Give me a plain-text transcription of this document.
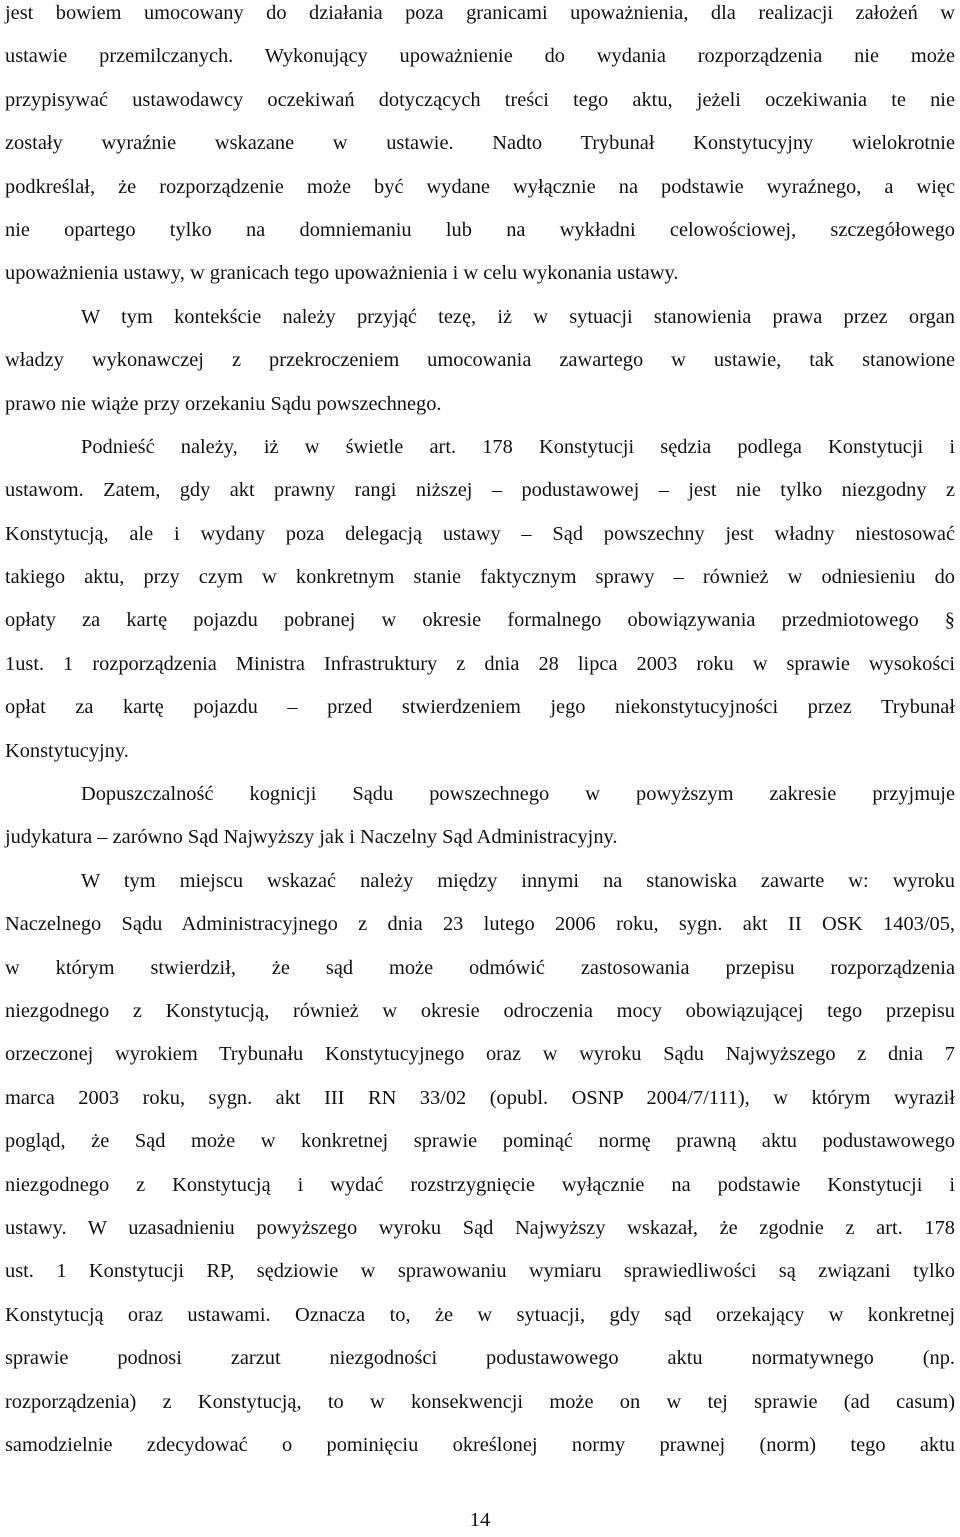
jest bowiem umocowany do działania poza granicami upoważnienia, dla realizacji założeń w
ustawie przemilczanych. Wykonujący upoważnienie do wydania rozporządzenia nie może
przypisywać ustawodawcy oczekiwań dotyczących treści tego aktu, jeżeli oczekiwania te nie
zostały wyraźnie wskazane w ustawie. Nadto Trybunał Konstytucyjny wielokrotnie
podkreślał, że rozporządzenie może być wydane wyłącznie na podstawie wyraźnego, a więc
nie opartego tylko na domniemaniu lub na wykładni celowościowej, szczegółowego
upoważnienia ustawy, w granicach tego upoważnienia i w celu wykonania ustawy.
W tym kontekście należy przyjąć tezę, iż w sytuacji stanowienia prawa przez organ
władzy wykonawczej z przekroczeniem umocowania zawartego w ustawie, tak stanowione
prawo nie wiąże przy orzekaniu Sądu powszechnego.
Podnieść należy, iż w świetle art. 178 Konstytucji sędzia podlega Konstytucji i
ustawom. Zatem, gdy akt prawny rangi niższej – podustawowej – jest nie tylko niezgodny z
Konstytucją, ale i wydany poza delegacją ustawy – Sąd powszechny jest władny niestosować
takiego aktu, przy czym w konkretnym stanie faktycznym sprawy – również w odniesieniu do
opłaty za kartę pojazdu pobranej w okresie formalnego obowiązywania przedmiotowego §
1ust. 1 rozporządzenia Ministra Infrastruktury z dnia 28 lipca 2003 roku w sprawie wysokości
opłat za kartę pojazdu – przed stwierdzeniem jego niekonstytucyjności przez Trybunał
Konstytucyjny.
Dopuszczalność kognicji Sądu powszechnego w powyższym zakresie przyjmuje
judykatura – zarówno Sąd Najwyższy jak i Naczelny Sąd Administracyjny.
W tym miejscu wskazać należy między innymi na stanowiska zawarte w: wyroku
Naczelnego Sądu Administracyjnego z dnia 23 lutego 2006 roku, sygn. akt II OSK 1403/05,
w którym stwierdził, że sąd może odmówić zastosowania przepisu rozporządzenia
niezgodnego z Konstytucją, również w okresie odroczenia mocy obowiązującej tego przepisu
orzeczonej wyrokiem Trybunału Konstytucyjnego oraz w wyroku Sądu Najwyższego z dnia 7
marca 2003 roku, sygn. akt III RN 33/02 (opubl. OSNP 2004/7/111), w którym wyraził
pogląd, że Sąd może w konkretnej sprawie pominąć normę prawną aktu podustawowego
niezgodnego z Konstytucją i wydać rozstrzygnięcie wyłącznie na podstawie Konstytucji i
ustawy. W uzasadnieniu powyższego wyroku Sąd Najwyższy wskazał, że zgodnie z art. 178
ust. 1 Konstytucji RP, sędziowie w sprawowaniu wymiaru sprawiedliwości są związani tylko
Konstytucją oraz ustawami. Oznacza to, że w sytuacji, gdy sąd orzekający w konkretnej
sprawie podnosi zarzut niezgodności podustawowego aktu normatywnego (np.
rozporządzenia) z Konstytucją, to w konsekwencji może on w tej sprawie (ad casum)
samodzielnie zdecydować o pominięciu określonej normy prawnej (norm) tego aktu
14
